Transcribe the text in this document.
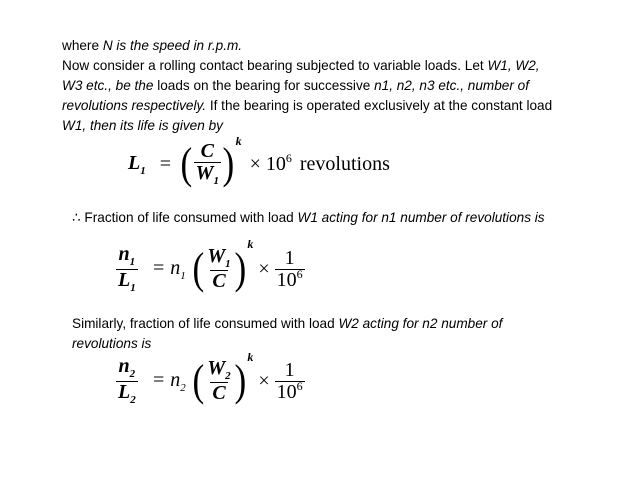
where N is the speed in r.p.m.
Now consider a rolling contact bearing subjected to variable loads. Let W1, W2,
W3 etc., be the loads on the bearing for successive n1, n2, n3 etc., number of
revolutions respectively. If the bearing is operated exclusively at the constant load
W1, then its life is given by
$L_1$ = ( $\frac{C}{W_1}$ ) k
× $10^6$ revolutions
∴ Fraction of life consumed with load W1 acting for n1 number of revolutions is
$\frac{n_1}{L_1} = n_1$ ( $\frac{W_1}{C}$ ) k
× $\frac{1}{10^6}$
Similarly, fraction of life consumed with load W2 acting for n2 number of
revolutions is
$\frac{n_2}{L_2} = n_2$ ( $\frac{W_2}{C}$ ) k
× $\frac{1}{10^6}$
